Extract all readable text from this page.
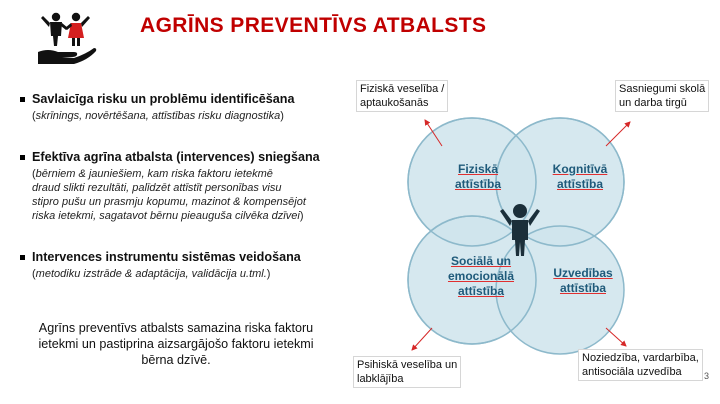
AGRĪNS PREVENTĪVS ATBALSTS
Savlaicīga risku un problēmu identificēšana
(skrīnings, novērtēšana, attīstības risku diagnostika)
Efektīva agrīna atbalsta (intervences) sniegšana
(bērniem & jauniešiem, kam riska faktoru ietekmē
draud slikti rezultāti, palīdzēt attīstīt personības visu
stipro pušu un prasmju kopumu, mazinot & kompensējot
riska ietekmi, sagatavot bērnu pieauguša cilvēka dzīvei)
Intervences instrumentu sistēmas veidošana
(metodiku izstrāde & adaptācija, validācija u.tml.)
Agrīns preventīvs atbalsts samazina riska faktoru
ietekmi un pastiprina aizsargājošo faktoru ietekmi
bērna dzīvē.
Fiziskā veselība /
aptaukošanās
Sasniegumi skolā
un darba tirgū
Psihiskā veselība un
labklājība
Noziedzība, vardarbība,
antisociāla uzvedība
Fiziskā
attīstība
Kognitīvā
attīstība
Sociālā un
emocionālā
attīstība
Uzvedības
attīstība
3
